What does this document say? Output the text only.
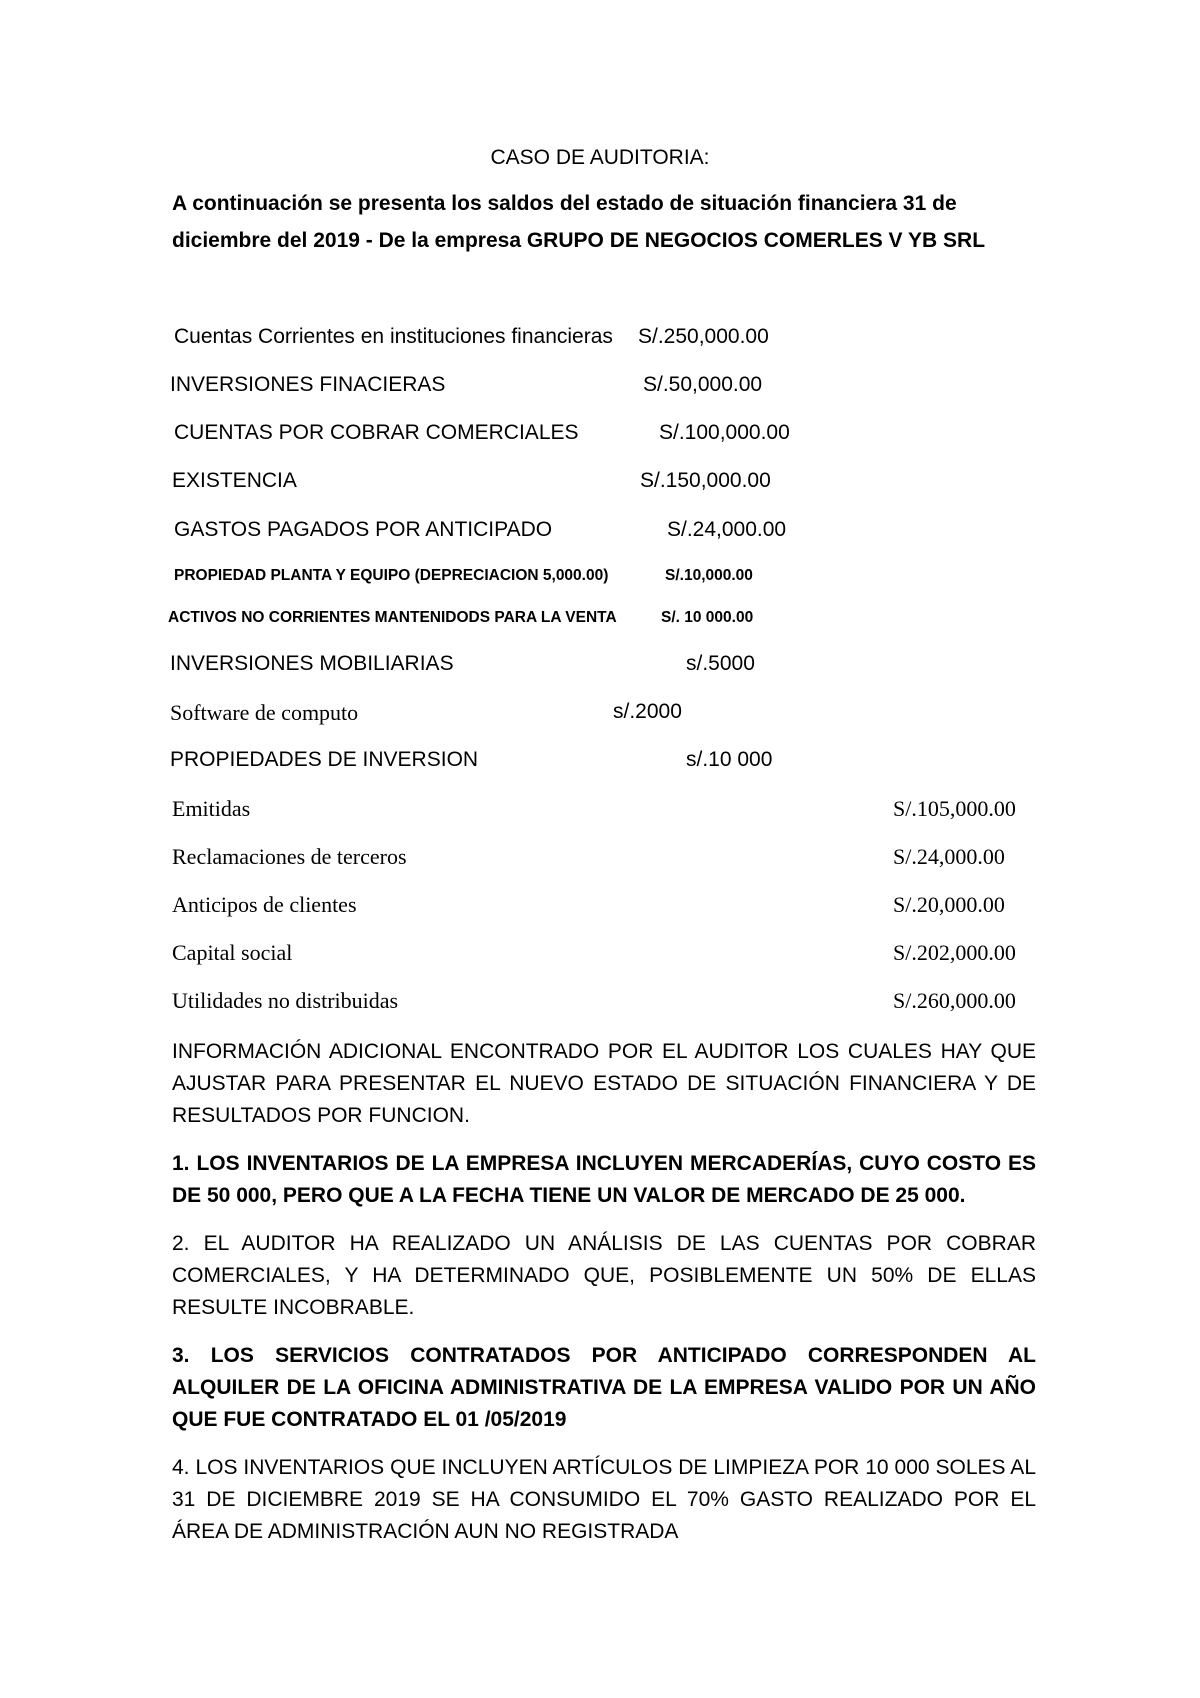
CASO DE AUDITORIA:
A continuación se presenta los saldos del estado de situación financiera 31 de
diciembre del 2019 - De la empresa GRUPO DE NEGOCIOS COMERLES V YB SRL
Cuentas Corrientes en instituciones financieras S/.250,000.00
INVERSIONES FINACIERAS	S/.50,000.00
CUENTAS POR COBRAR COMERCIALES	S/.100,000.00
EXISTENCIA	S/.150,000.00
GASTOS PAGADOS POR ANTICIPADO	S/.24,000.00
PROPIEDAD PLANTA Y EQUIPO (DEPRECIACION 5,000.00)	S/.10,000.00
ACTIVOS NO CORRIENTES MANTENIDODS PARA LA VENTA	S/. 10 000.00
INVERSIONES MOBILIARIAS	s/.5000
Software de computo	s/.2000
PROPIEDADES DE INVERSION	s/.10 000
Emitidas	S/.105,000.00
Reclamaciones de terceros	S/.24,000.00
Anticipos de clientes	S/.20,000.00
Capital social	S/.202,000.00
Utilidades no distribuidas	S/.260,000.00
INFORMACIÓN ADICIONAL ENCONTRADO POR EL AUDITOR LOS CUALES HAY QUE AJUSTAR PARA PRESENTAR EL NUEVO ESTADO DE SITUACIÓN FINANCIERA Y DE RESULTADOS POR FUNCION.
1. LOS INVENTARIOS DE LA EMPRESA INCLUYEN MERCADERÍAS, CUYO COSTO ES DE 50 000, PERO QUE A LA FECHA TIENE UN VALOR DE MERCADO DE 25 000.
2. EL AUDITOR HA REALIZADO UN ANÁLISIS DE LAS CUENTAS POR COBRAR COMERCIALES, Y HA DETERMINADO QUE, POSIBLEMENTE UN 50% DE ELLAS RESULTE INCOBRABLE.
3. LOS SERVICIOS CONTRATADOS POR ANTICIPADO CORRESPONDEN AL ALQUILER DE LA OFICINA ADMINISTRATIVA DE LA EMPRESA VALIDO POR UN AÑO QUE FUE CONTRATADO EL 01 /05/2019
4. LOS INVENTARIOS QUE INCLUYEN ARTÍCULOS DE LIMPIEZA POR 10 000 SOLES AL 31 DE DICIEMBRE 2019 SE HA CONSUMIDO EL 70% GASTO REALIZADO POR EL ÁREA DE ADMINISTRACIÓN AUN NO REGISTRADA
